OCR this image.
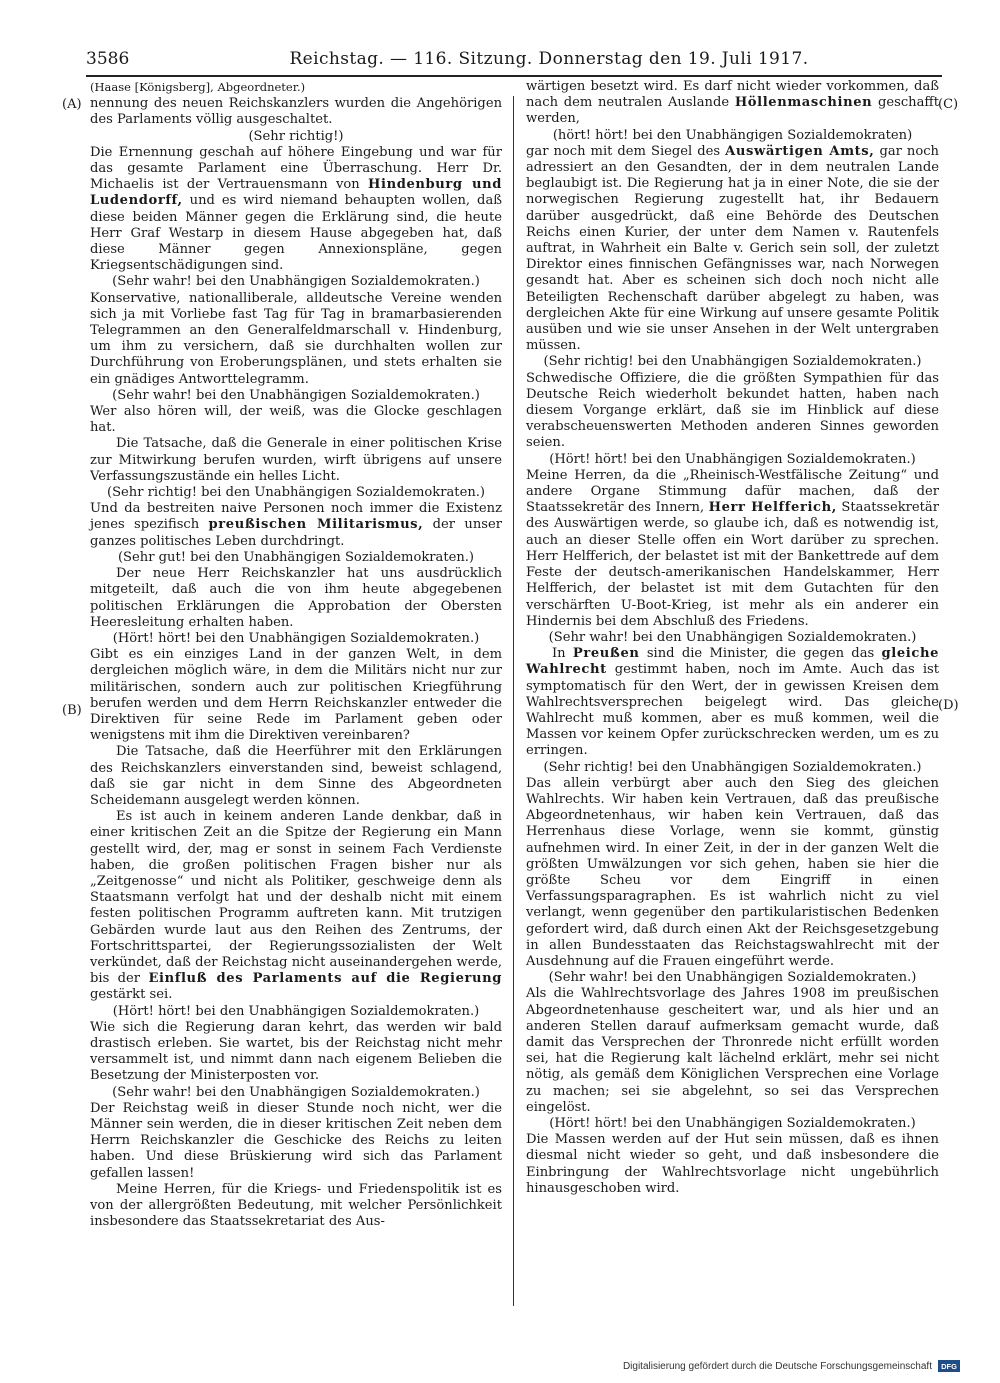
3586	Reichstag. — 116. Sitzung. Donnerstag den 19. Juli 1917.
(A)
(B)
(C)
(D)

(Haase [Königsberg], Abgeordneter.)

nennung des neuen Reichskanzlers wurden die Angehörigen des Parlaments völlig ausgeschaltet.

(Sehr richtig!)

Die Ernennung geschah auf höhere Eingebung und war für das gesamte Parlament eine Überraschung. Herr Dr. Michaelis ist der Vertrauensmann von Hindenburg und Ludendorff, und es wird niemand behaupten wollen, daß diese beiden Männer gegen die Erklärung sind, die heute Herr Graf Westarp in diesem Hause abgegeben hat, daß diese Männer gegen Annexionspläne, gegen Kriegsentschädigungen sind.

(Sehr wahr! bei den Unabhängigen Sozialdemokraten.)

Konservative, nationalliberale, alldeutsche Vereine wenden sich ja mit Vorliebe fast Tag für Tag in bramarbasierenden Telegrammen an den Generalfeldmarschall v. Hindenburg, um ihm zu versichern, daß sie durchhalten wollen zur Durchführung von Eroberungsplänen, und stets erhalten sie ein gnädiges Antworttelegramm.

(Sehr wahr! bei den Unabhängigen Sozialdemokraten.)

Wer also hören will, der weiß, was die Glocke geschlagen hat.

Die Tatsache, daß die Generale in einer politischen Krise zur Mitwirkung berufen wurden, wirft übrigens auf unsere Verfassungszustände ein helles Licht.

(Sehr richtig! bei den Unabhängigen Sozialdemokraten.)

Und da bestreiten naive Personen noch immer die Existenz jenes spezifisch preußischen Militarismus, der unser ganzes politisches Leben durchdringt.

(Sehr gut! bei den Unabhängigen Sozialdemokraten.)

Der neue Herr Reichskanzler hat uns ausdrücklich mitgeteilt, daß auch die von ihm heute abgegebenen politischen Erklärungen die Approbation der Obersten Heeresleitung erhalten haben.

(Hört! hört! bei den Unabhängigen Sozialdemokraten.)

Gibt es ein einziges Land in der ganzen Welt, in dem dergleichen möglich wäre, in dem die Militärs nicht nur zur militärischen, sondern auch zur politischen Kriegführung berufen werden und dem Herrn Reichskanzler entweder die Direktiven für seine Rede im Parlament geben oder wenigstens mit ihm die Direktiven vereinbaren?

Die Tatsache, daß die Heerführer mit den Erklärungen des Reichskanzlers einverstanden sind, beweist schlagend, daß sie gar nicht in dem Sinne des Abgeordneten Scheidemann ausgelegt werden können.

Es ist auch in keinem anderen Lande denkbar, daß in einer kritischen Zeit an die Spitze der Regierung ein Mann gestellt wird, der, mag er sonst in seinem Fach Verdienste haben, die großen politischen Fragen bisher nur als „Zeitgenosse“ und nicht als Politiker, geschweige denn als Staatsmann verfolgt hat und der deshalb nicht mit einem festen politischen Programm auftreten kann. Mit trutzigen Gebärden wurde laut aus den Reihen des Zentrums, der Fortschrittspartei, der Regierungssozialisten der Welt verkündet, daß der Reichstag nicht auseinandergehen werde, bis der Einfluß des Parlaments auf die Regierung gestärkt sei.

(Hört! hört! bei den Unabhängigen Sozialdemokraten.)

Wie sich die Regierung daran kehrt, das werden wir bald drastisch erleben. Sie wartet, bis der Reichstag nicht mehr versammelt ist, und nimmt dann nach eigenem Belieben die Besetzung der Ministerposten vor.

(Sehr wahr! bei den Unabhängigen Sozialdemokraten.)

Der Reichstag weiß in dieser Stunde noch nicht, wer die Männer sein werden, die in dieser kritischen Zeit neben dem Herrn Reichskanzler die Geschicke des Reichs zu leiten haben. Und diese Brüskierung wird sich das Parlament gefallen lassen!

Meine Herren, für die Kriegs- und Friedenspolitik ist es von der allergrößten Bedeutung, mit welcher Persönlichkeit insbesondere das Staatssekretariat des Aus-

wärtigen besetzt wird. Es darf nicht wieder vorkommen, daß nach dem neutralen Auslande Höllenmaschinen geschafft werden,

(hört! hört! bei den Unabhängigen Sozialdemokraten)

gar noch mit dem Siegel des Auswärtigen Amts, gar noch adressiert an den Gesandten, der in dem neutralen Lande beglaubigt ist. Die Regierung hat ja in einer Note, die sie der norwegischen Regierung zugestellt hat, ihr Bedauern darüber ausgedrückt, daß eine Behörde des Deutschen Reichs einen Kurier, der unter dem Namen v. Rautenfels auftrat, in Wahrheit ein Balte v. Gerich sein soll, der zuletzt Direktor eines finnischen Gefängnisses war, nach Norwegen gesandt hat. Aber es scheinen sich doch noch nicht alle Beteiligten Rechenschaft darüber abgelegt zu haben, was dergleichen Akte für eine Wirkung auf unsere gesamte Politik ausüben und wie sie unser Ansehen in der Welt untergraben müssen.

(Sehr richtig! bei den Unabhängigen Sozialdemokraten.)

Schwedische Offiziere, die die größten Sympathien für das Deutsche Reich wiederholt bekundet hatten, haben nach diesem Vorgange erklärt, daß sie im Hinblick auf diese verabscheuenswerten Methoden anderen Sinnes geworden seien.

(Hört! hört! bei den Unabhängigen Sozialdemokraten.)

Meine Herren, da die „Rheinisch-Westfälische Zeitung“ und andere Organe Stimmung dafür machen, daß der Staatssekretär des Innern, Herr Helfferich, Staatssekretär des Auswärtigen werde, so glaube ich, daß es notwendig ist, auch an dieser Stelle offen ein Wort darüber zu sprechen. Herr Helfferich, der belastet ist mit der Bankettrede auf dem Feste der deutsch-amerikanischen Handelskammer, Herr Helfferich, der belastet ist mit dem Gutachten für den verschärften U-Boot-Krieg, ist mehr als ein anderer ein Hindernis bei dem Abschluß des Friedens.

(Sehr wahr! bei den Unabhängigen Sozialdemokraten.)

In Preußen sind die Minister, die gegen das gleiche Wahlrecht gestimmt haben, noch im Amte. Auch das ist symptomatisch für den Wert, der in gewissen Kreisen dem Wahlrechtsversprechen beigelegt wird. Das gleiche Wahlrecht muß kommen, aber es muß kommen, weil die Massen vor keinem Opfer zurückschrecken werden, um es zu erringen.

(Sehr richtig! bei den Unabhängigen Sozialdemokraten.)

Das allein verbürgt aber auch den Sieg des gleichen Wahlrechts. Wir haben kein Vertrauen, daß das preußische Abgeordnetenhaus, wir haben kein Vertrauen, daß das Herrenhaus diese Vorlage, wenn sie kommt, günstig aufnehmen wird. In einer Zeit, in der in der ganzen Welt die größten Umwälzungen vor sich gehen, haben sie hier die größte Scheu vor dem Eingriff in einen Verfassungsparagraphen. Es ist wahrlich nicht zu viel verlangt, wenn gegenüber den partikularistischen Bedenken gefordert wird, daß durch einen Akt der Reichsgesetzgebung in allen Bundesstaaten das Reichstagswahlrecht mit der Ausdehnung auf die Frauen eingeführt werde.

(Sehr wahr! bei den Unabhängigen Sozialdemokraten.)

Als die Wahlrechtsvorlage des Jahres 1908 im preußischen Abgeordnetenhause gescheitert war, und als hier und an anderen Stellen darauf aufmerksam gemacht wurde, daß damit das Versprechen der Thronrede nicht erfüllt worden sei, hat die Regierung kalt lächelnd erklärt, mehr sei nicht nötig, als gemäß dem Königlichen Versprechen eine Vorlage zu machen; sei sie abgelehnt, so sei das Versprechen eingelöst.

(Hört! hört! bei den Unabhängigen Sozialdemokraten.)

Die Massen werden auf der Hut sein müssen, daß es ihnen diesmal nicht wieder so geht, und daß insbesondere die Einbringung der Wahlrechtsvorlage nicht ungebührlich hinausgeschoben wird.

Digitalisierung gefördert durch die Deutsche Forschungsgemeinschaft	DFG
